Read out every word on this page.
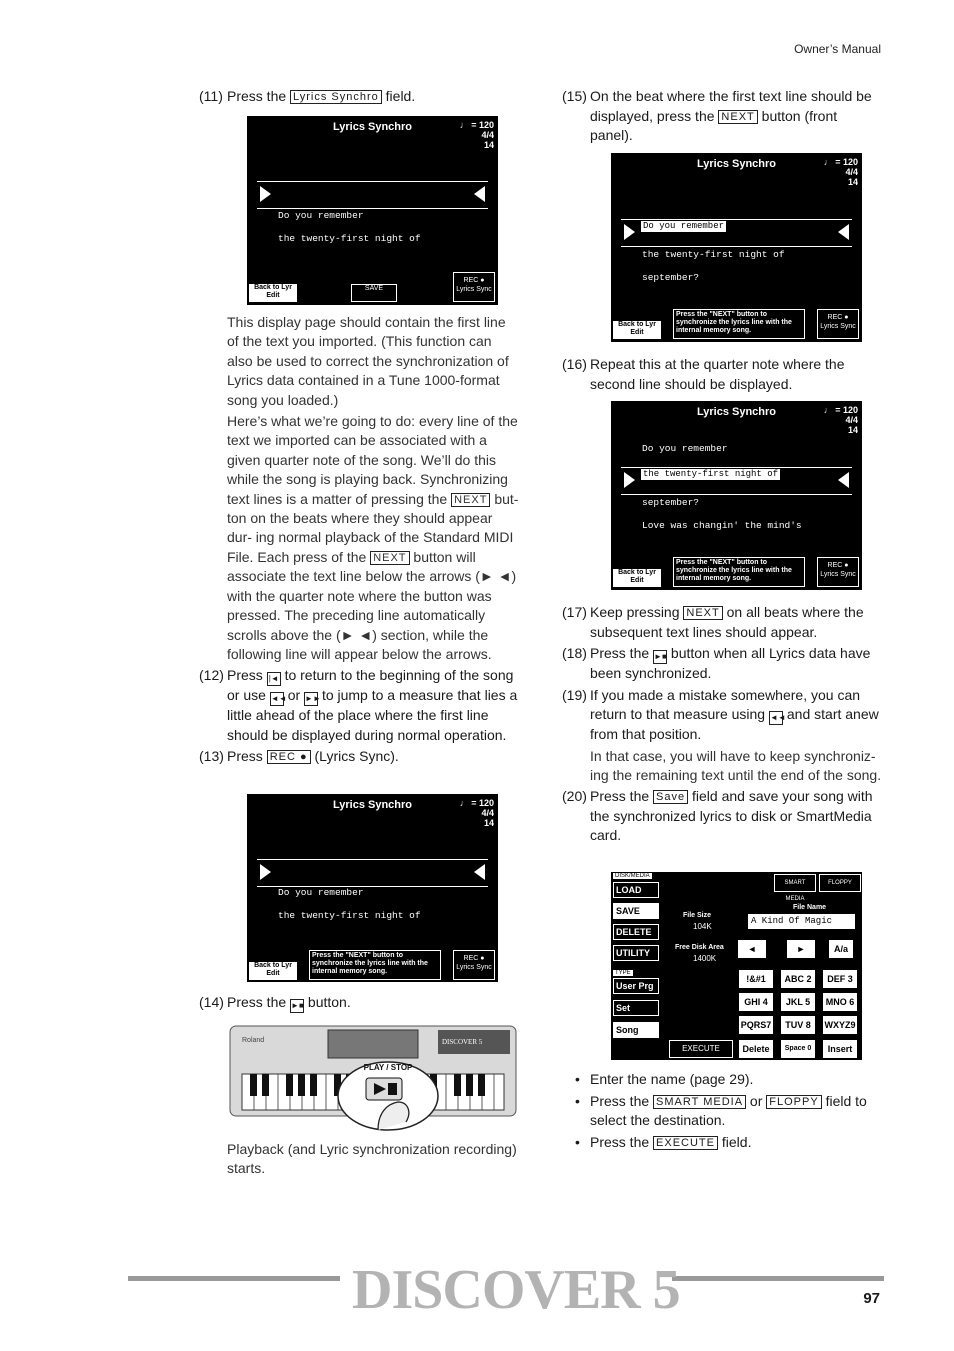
Owner’s Manual
(11) Press the Lyrics Synchro field.
Lyrics Synchro	♩ = 120
4/4
14
Do you remember
the twenty-first night of
Back to Lyr Edit
SAVE
REC ●
Lyrics Sync
This display page should contain the first line of the text you imported. (This function can also be used to correct the synchronization of Lyrics data contained in a Tune 1000-format song you loaded.)
Here’s what we’re going to do: every line of the text we imported can be associated with a given quarter note of the song. We’ll do this while the song is playing back. Synchronizing text lines is a matter of pressing the NEXT but- ton on the beats where they should appear dur- ing normal playback of the Standard MIDI File. Each press of the NEXT button will associate the text line below the arrows (► ◄) with the quarter note where the button was pressed. The preceding line automatically scrolls above the (► ◄) section, while the following line will appear below the arrows.
(12) Press |◄ to return to the beginning of the song or use ◄◄ or ►► to jump to a measure that lies a little ahead of the place where the first line should be displayed during normal operation.
(13) Press REC ● (Lyrics Sync).
Lyrics Synchro	♩ = 120
4/4
14
Do you remember
the twenty-first night of
Back to Lyr Edit
Press the "NEXT" button to synchronize the lyrics line with the internal memory song.
REC ●
Lyrics Sync
(14) Press the ►■ button.
Roland	DISCOVER 5
PLAY / STOP
Playback (and Lyric synchronization recording) starts.
(15) On the beat where the first text line should be displayed, press the NEXT button (front panel).
Lyrics Synchro	♩ = 120
4/4
14
Do you remember
the twenty-first night of
september?
Back to Lyr Edit
Press the "NEXT" button to synchronize the lyrics line with the internal memory song.
REC ●
Lyrics Sync
(16) Repeat this at the quarter note where the second line should be displayed.
Lyrics Synchro	♩ = 120
4/4
14
Do you remember
the twenty-first night of
september?
Love was changin' the mind's
Back to Lyr Edit
Press the "NEXT" button to synchronize the lyrics line with the internal memory song.
REC ●
Lyrics Sync
(17) Keep pressing NEXT on all beats where the subsequent text lines should appear.
(18) Press the ►■ button when all Lyrics data have been synchronized.
(19) If you made a mistake somewhere, you can return to that measure using ◄◄ and start anew from that position.
In that case, you will have to keep synchroniz- ing the remaining text until the end of the song.
(20) Press the Save field and save your song with the synchronized lyrics to disk or SmartMedia card.
DISK/MEDIA
LOAD
SAVE
DELETE
UTILITY
TYPE
User Prg
Set
Song
SMART MEDIA
FLOPPY
File Size
104K
Free Disk Area
1400K
File Name
A Kind Of Magic
◄	►	A/a
!&#1	ABC 2	DEF 3
GHI 4	JKL 5	MNO 6
PQRS7	TUV 8	WXYZ9
EXECUTE	Delete	Space 0	Insert
• Enter the name (page 29).
• Press the SMART MEDIA or FLOPPY field to select the destination.
• Press the EXECUTE field.
DISCOVER 5	97
